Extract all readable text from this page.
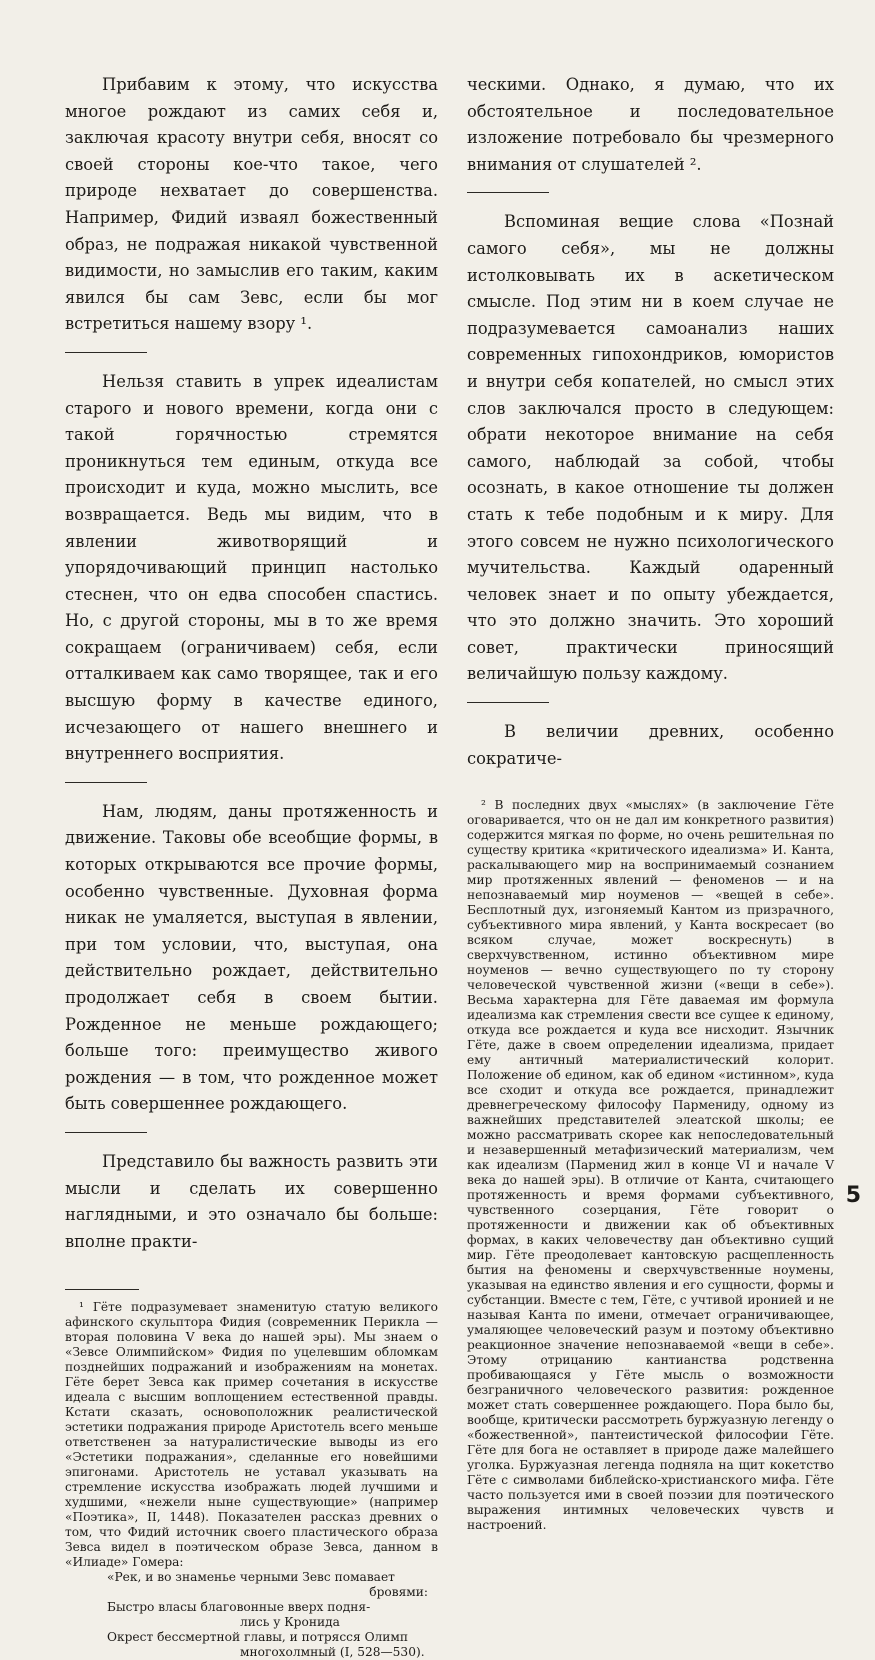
Прибавим к этому, что искусства многое рождают из самих себя и, заключая красоту внутри себя, вносят со своей стороны кое-что такое, чего природе нехватает до совершенства. Например, Фидий изваял божественный образ, не подражая никакой чувственной видимости, но замыслив его таким, каким явился бы сам Зевс, если бы мог встретиться нашему взору ¹.

Нельзя ставить в упрек идеалистам старого и нового времени, когда они с такой горячностью стремятся проникнуться тем единым, откуда все происходит и куда, можно мыслить, все возвращается. Ведь мы видим, что в явлении животворящий и упорядочивающий принцип настолько стеснен, что он едва способен спастись. Но, с другой стороны, мы в то же время сокращаем (ограничиваем) себя, если отталкиваем как само творящее, так и его высшую форму в качестве единого, исчезающего от нашего внешнего и внутреннего восприятия.

Нам, людям, даны протяженность и движение. Таковы обе всеобщие формы, в которых открываются все прочие формы, особенно чувственные. Духовная форма никак не умаляется, выступая в явлении, при том условии, что, выступая, она действительно рождает, действительно продолжает себя в своем бытии. Рожденное не меньше рождающего; больше того: преимущество живого рождения — в том, что рожденное может быть совершеннее рождающего.

Представило бы важность развить эти мысли и сделать их совершенно наглядными, и это означало бы больше: вполне практи-

¹ Гёте подразумевает знаменитую статую великого афинского скульптора Фидия (современник Перикла — вторая половина V века до нашей эры). Мы знаем о «Зевсе Олимпийском» Фидия по уцелевшим обломкам позднейших подражаний и изображениям на монетах. Гёте берет Зевса как пример сочетания в искусстве идеала с высшим воплощением естественной правды. Кстати сказать, основоположник реалистической эстетики подражания природе Аристотель всего меньше ответственен за натуралистические выводы из его «Эстетики подражания», сделанные его новейшими эпигонами. Аристотель не уставал указывать на стремление искусства изображать людей лучшими и худшими, «нежели ныне существующие» (например «Поэтика», II, 1448). Показателен рассказ древних о том, что Фидий источник своего пластического образа Зевса видел в поэтическом образе Зевса, данном в «Илиаде» Гомера:

«Рек, и во знаменье черными Зевс помавает
бровями:
Быстро власы благовонные вверх подня-
лись у Кронида
Окрест бессмертной главы, и потрясся Олимп
многохолмный (I, 528—530).

ческими. Однако, я думаю, что их обстоятельное и последовательное изложение потребовало бы чрезмерного внимания от слушателей ².

Вспоминая вещие слова «Познай самого себя», мы не должны истолковывать их в аскетическом смысле. Под этим ни в коем случае не подразумевается самоанализ наших современных гипохондриков, юмористов и внутри себя копателей, но смысл этих слов заключался просто в следующем: обрати некоторое внимание на себя самого, наблюдай за собой, чтобы осознать, в какое отношение ты должен стать к тебе подобным и к миру. Для этого совсем не нужно психологического мучительства. Каждый одаренный человек знает и по опыту убеждается, что это должно значить. Это хороший совет, практически приносящий величайшую пользу каждому.

В величии древних, особенно сократиче-

² В последних двух «мыслях» (в заключение Гёте оговаривается, что он не дал им конкретного развития) содержится мягкая по форме, но очень решительная по существу критика «критического идеализма» И. Канта, раскалывающего мир на воспринимаемый сознанием мир протяженных явлений — феноменов — и на непознаваемый мир ноуменов — «вещей в себе». Бесплотный дух, изгоняемый Кантом из призрачного, субъективного мира явлений, у Канта воскресает (во всяком случае, может воскреснуть) в сверхчувственном, истинно объективном мире ноуменов — вечно существующего по ту сторону человеческой чувственной жизни («вещи в себе»). Весьма характерна для Гёте даваемая им формула идеализма как стремления свести все сущее к единому, откуда все рождается и куда все нисходит. Язычник Гёте, даже в своем определении идеализма, придает ему античный материалистический колорит. Положение об едином, как об едином «истинном», куда все сходит и откуда все рождается, принадлежит древнегреческому философу Пармениду, одному из важнейших представителей элеатской школы; ее можно рассматривать скорее как непоследовательный и незавершенный метафизический материализм, чем как идеализм (Парменид жил в конце VI и начале V века до нашей эры). В отличие от Канта, считающего протяженность и время формами субъективного, чувственного созерцания, Гёте говорит о протяженности и движении как об объективных формах, в каких человечеству дан объективно сущий мир. Гёте преодолевает кантовскую расщепленность бытия на феномены и сверхчувственные ноумены, указывая на единство явления и его сущности, формы и субстанции. Вместе с тем, Гёте, с учтивой иронией и не называя Канта по имени, отмечает ограничивающее, умаляющее человеческий разум и поэтому объективно реакционное значение непознаваемой «вещи в себе». Этому отрицанию кантианства родственна пробивающаяся у Гёте мысль о возможности безграничного человеческого развития: рожденное может стать совершеннее рождающего. Пора было бы, вообще, критически рассмотреть буржуазную легенду о «божественной», пантеистической философии Гёте. Гёте для бога не оставляет в природе даже малейшего уголка. Буржуазная легенда подняла на щит кокетство Гёте с символами библейско-христианского мифа. Гёте часто пользуется ими в своей поэзии для поэтического выражения интимных человеческих чувств и настроений.

5
